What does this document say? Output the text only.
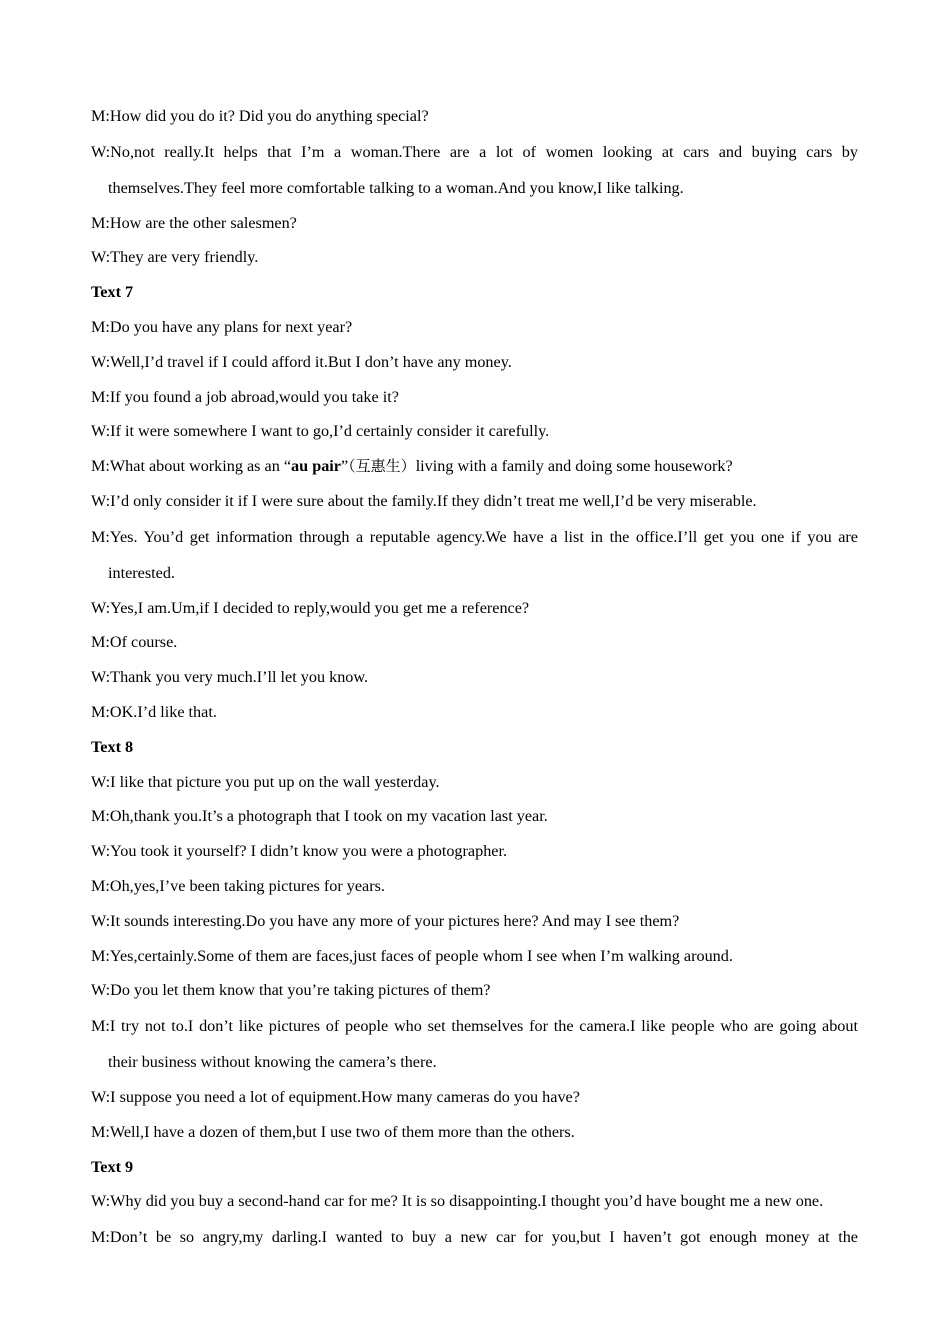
M:How did you do it? Did you do anything special?

W:No,not really.It helps that I’m a woman.There are a lot of women looking at cars and buying cars by
themselves.They feel more comfortable talking to a woman.And you know,I like talking.

M:How are the other salesmen?

W:They are very friendly.

Text 7

M:Do you have any plans for next year?

W:Well,I’d travel if I could afford it.But I don’t have any money.

M:If you found a job abroad,would you take it?

W:If it were somewhere I want to go,I’d certainly consider it carefully.

M:What about working as an “au pair”（互惠生）living with a family and doing some housework?

W:I’d only consider it if I were sure about the family.If they didn’t treat me well,I’d be very miserable.

M:Yes. You’d get information through a reputable agency.We have a list in the office.I’ll get you one if you are
interested.

W:Yes,I am.Um,if I decided to reply,would you get me a reference?

M:Of course.

W:Thank you very much.I’ll let you know.

M:OK.I’d like that.

Text 8

W:I like that picture you put up on the wall yesterday.

M:Oh,thank you.It’s a photograph that I took on my vacation last year.

W:You took it yourself? I didn’t know you were a photographer.

M:Oh,yes,I’ve been taking pictures for years.

W:It sounds interesting.Do you have any more of your pictures here? And may I see them?

M:Yes,certainly.Some of them are faces,just faces of people whom I see when I’m walking around.

W:Do you let them know that you’re taking pictures of them?

M:I try not to.I don’t like pictures of people who set themselves for the camera.I like people who are going about
their business without knowing the camera’s there.

W:I suppose you need a lot of equipment.How many cameras do you have?

M:Well,I have a dozen of them,but I use two of them more than the others.

Text 9

W:Why did you buy a second-hand car for me? It is so disappointing.I thought you’d have bought me a new one.

M:Don’t be so angry,my darling.I wanted to buy a new car for you,but I haven’t got enough money at the
